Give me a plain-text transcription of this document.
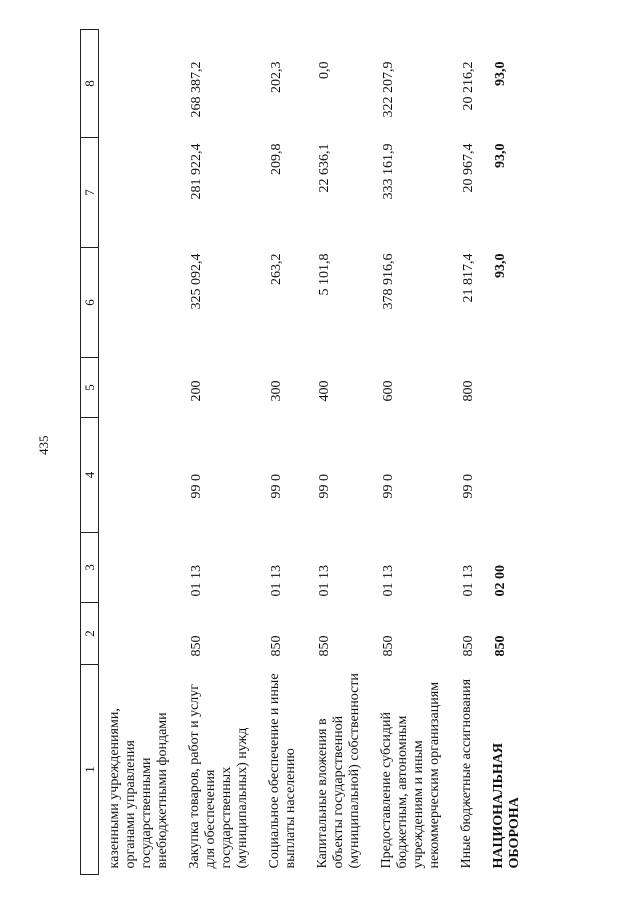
435
1	2	3	4	5	6	7	8
казенными учреждениями, органами управления государственными внебюджетными фондами							
Закупка товаров, работ и услуг для обеспечения государственных (муниципальных) нужд	850	01 13	99 0	200	325 092,4	281 922,4	268 387,2
Социальное обеспечение и иные выплаты населению	850	01 13	99 0	300	263,2	209,8	202,3
Капитальные вложения в объекты государственной (муниципальной) собственности	850	01 13	99 0	400	5 101,8	22 636,1	0,0
Предоставление субсидий бюджетным, автономным учреждениям и иным некоммерческим организациям	850	01 13	99 0	600	378 916,6	333 161,9	322 207,9
Иные бюджетные ассигнования	850	01 13	99 0	800	21 817,4	20 967,4	20 216,2
НАЦИОНАЛЬНАЯ ОБОРОНА	850	02 00			93,0	93,0	93,0
